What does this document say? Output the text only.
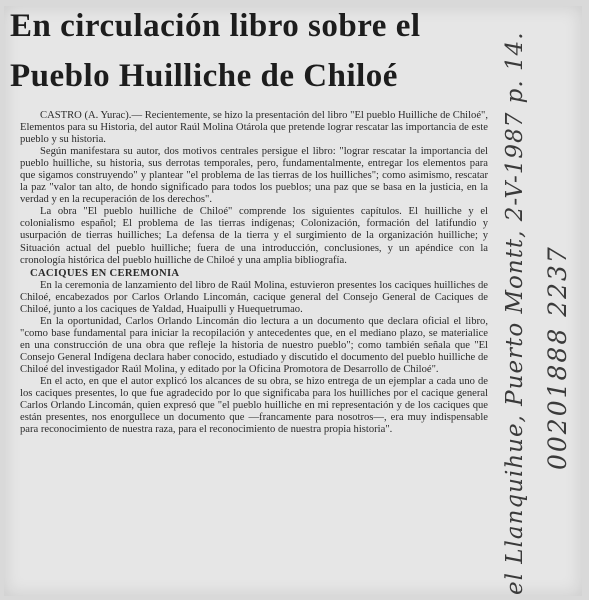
En circulación libro sobre el
Pueblo Huilliche de Chiloé

CASTRO (A. Yurac).— Recientemente, se hizo la presentación del libro "El pueblo Huilliche de Chiloé", Elementos para su Historia, del autor Raúl Molina Otárola que pretende lograr rescatar las importancia de este pueblo y su historia.

Según manifestara su autor, dos motivos centrales persigue el libro: "lograr rescatar la importancia del pueblo huilliche, su historia, sus derrotas temporales, pero, fundamentalmente, entregar los elementos para que sigamos construyendo" y plantear "el problema de las tierras de los huilliches"; como asimismo, rescatar la paz "valor tan alto, de hondo significado para todos los pueblos; una paz que se basa en la justicia, en la verdad y en la recuperación de los derechos".

La obra "El pueblo huilliche de Chiloé" comprende los siguientes capítulos. El huilliche y el colonialismo español; El problema de las tierras indígenas; Colonización, formación del latifundio y usurpación de tierras huilliches; La defensa de la tierra y el surgimiento de la organización huilliche; y Situación actual del pueblo huilliche; fuera de una introducción, conclusiones, y un apéndice con la cronología histórica del pueblo huilliche de Chiloé y una amplia bibliografía.

CACIQUES EN CEREMONIA

En la ceremonia de lanzamiento del libro de Raúl Molina, estuvieron presentes los caciques huilliches de Chiloé, encabezados por Carlos Orlando Lincomán, cacique general del Consejo General de Caciques de Chiloé, junto a los caciques de Yaldad, Huaipulli y Huequetrumao.

En la oportunidad, Carlos Orlando Lincomán dio lectura a un documento que declara oficial el libro, "como base fundamental para iniciar la recopilación y antecedentes que, en el mediano plazo, se materialice en una construcción de una obra que refleje la historia de nuestro pueblo"; como también señala que "El Consejo General Indígena declara haber conocido, estudiado y discutido el documento del pueblo huilliche de Chiloé del investigador Raúl Molina, y editado por la Oficina Promotora de Desarrollo de Chiloé".

En el acto, en que el autor explicó los alcances de su obra, se hizo entrega de un ejemplar a cada uno de los caciques presentes, lo que fue agradecido por lo que significaba para los huilliches por el cacique general Carlos Orlando Lincomán, quien expresó que "el pueblo huilliche en mi representación y de los caciques que están presentes, nos enorgullece un documento que —francamente para nosotros—, era muy indispensable para reconocimiento de nuestra raza, para el reconocimiento de nuestra propia historia".	el Llanquihue, Puerto Montt, 2-V-1987 p. 14. 00201888 2237
